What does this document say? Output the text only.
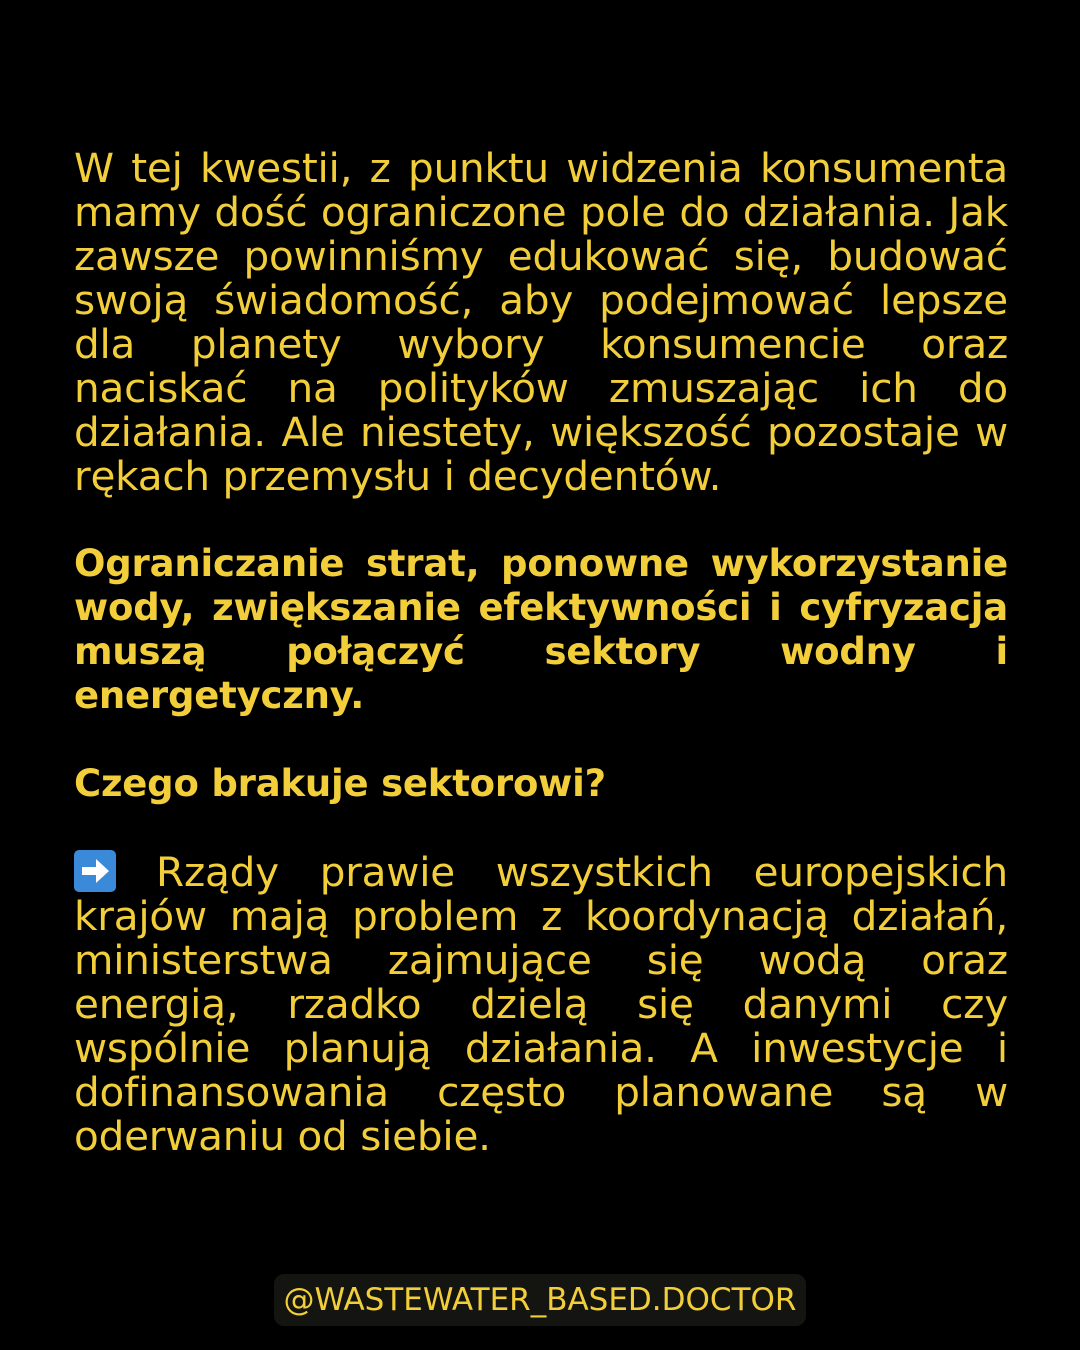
W tej kwestii, z punktu widzenia konsumenta mamy dość ograniczone pole do działania. Jak zawsze powinniśmy edukować się, budować swoją świadomość, aby podejmować lepsze dla planety wybory konsumencie oraz naciskać na polityków zmuszając ich do działania. Ale niestety, większość pozostaje w rękach przemysłu i decydentów.

Ograniczanie strat, ponowne wykorzystanie wody, zwiększanie efektywności i cyfryzacja muszą połączyć sektory wodny i energetyczny.

Czego brakuje sektorowi?

Rządy prawie wszystkich europejskich krajów mają problem z koordynacją działań, ministerstwa zajmujące się wodą oraz energią, rzadko dzielą się danymi czy wspólnie planują działania. A inwestycje i dofinansowania często planowane są w oderwaniu od siebie.

@WASTEWATER_BASED.DOCTOR
